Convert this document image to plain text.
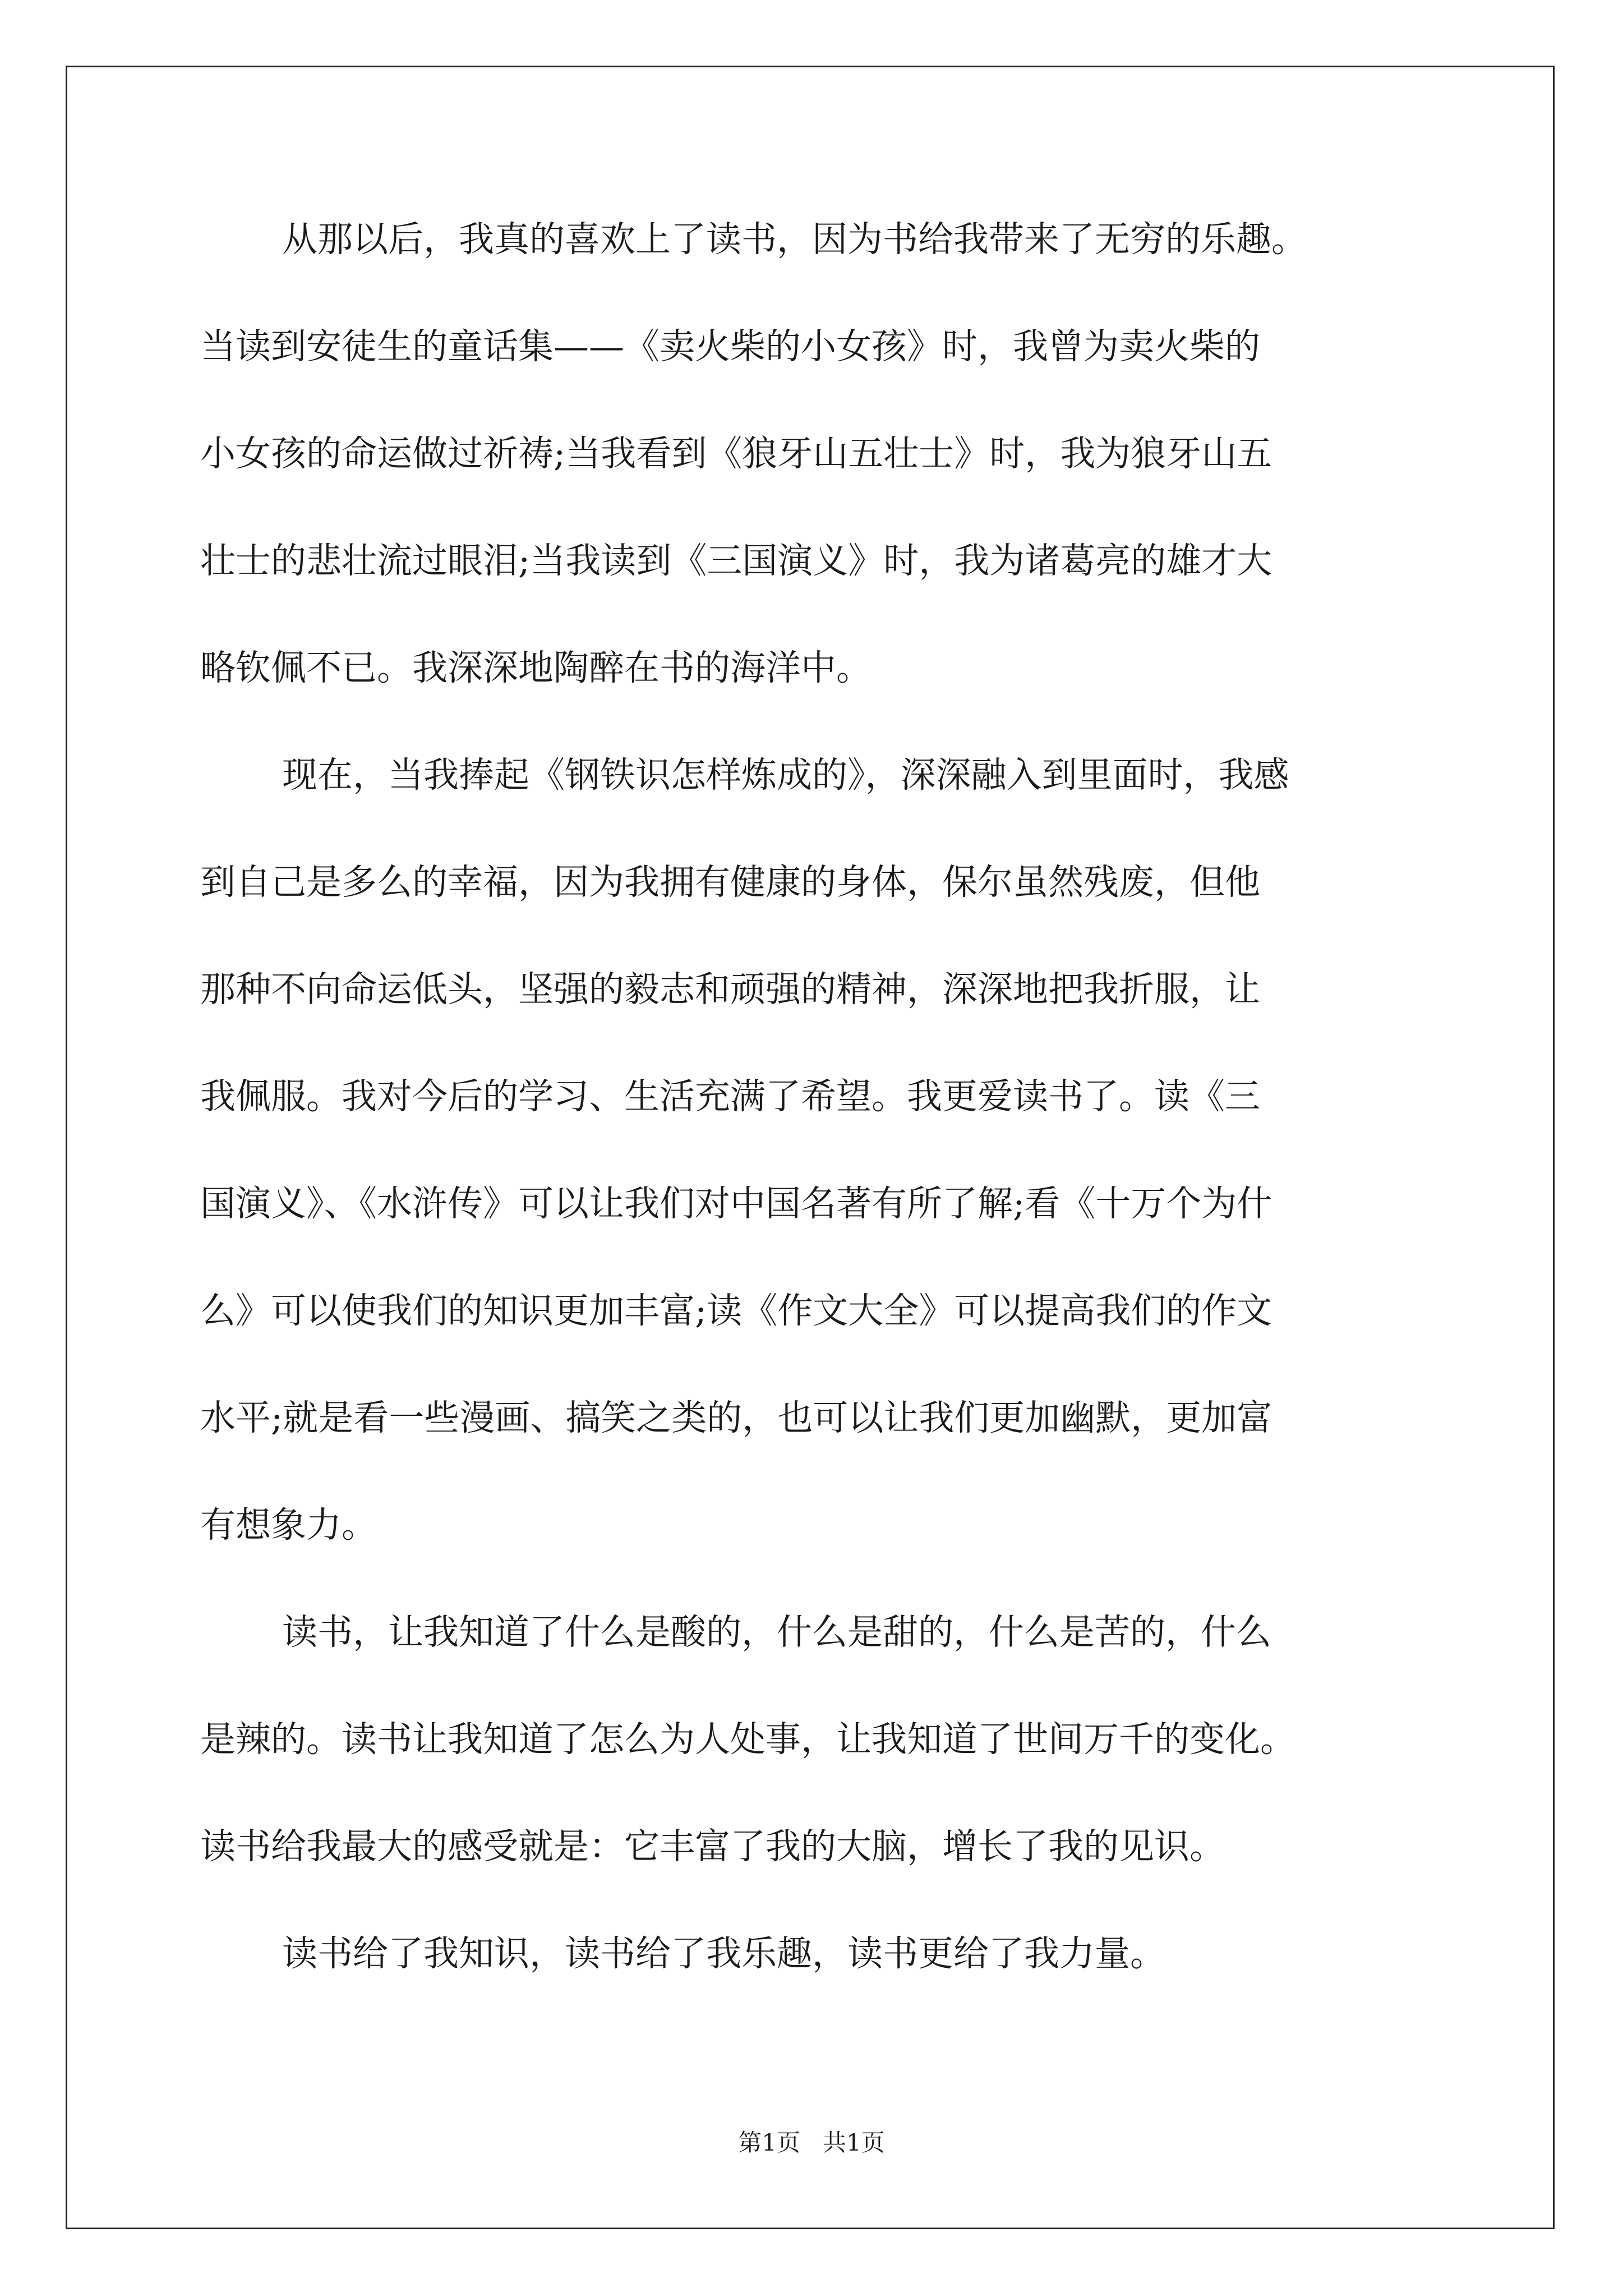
从那以后，我真的喜欢上了读书，因为书给我带来了无穷的乐趣。

当读到安徒生的童话集——《卖火柴的小女孩》时，我曾为卖火柴的

小女孩的命运做过祈祷;当我看到《狼牙山五壮士》时，我为狼牙山五

壮士的悲壮流过眼泪;当我读到《三国演义》时，我为诸葛亮的雄才大

略钦佩不已。我深深地陶醉在书的海洋中。

现在，当我捧起《钢铁识怎样炼成的》，深深融入到里面时，我感

到自己是多么的幸福，因为我拥有健康的身体，保尔虽然残废，但他

那种不向命运低头，坚强的毅志和顽强的精神，深深地把我折服，让

我佩服。我对今后的学习、生活充满了希望。我更爱读书了。读《三

国演义》、《水浒传》可以让我们对中国名著有所了解;看《十万个为什

么》可以使我们的知识更加丰富;读《作文大全》可以提高我们的作文

水平;就是看一些漫画、搞笑之类的，也可以让我们更加幽默，更加富

有想象力。

读书，让我知道了什么是酸的，什么是甜的，什么是苦的，什么

是辣的。读书让我知道了怎么为人处事，让我知道了世间万千的变化。

读书给我最大的感受就是：它丰富了我的大脑，增长了我的见识。

读书给了我知识，读书给了我乐趣，读书更给了我力量。

第1页   共1页
